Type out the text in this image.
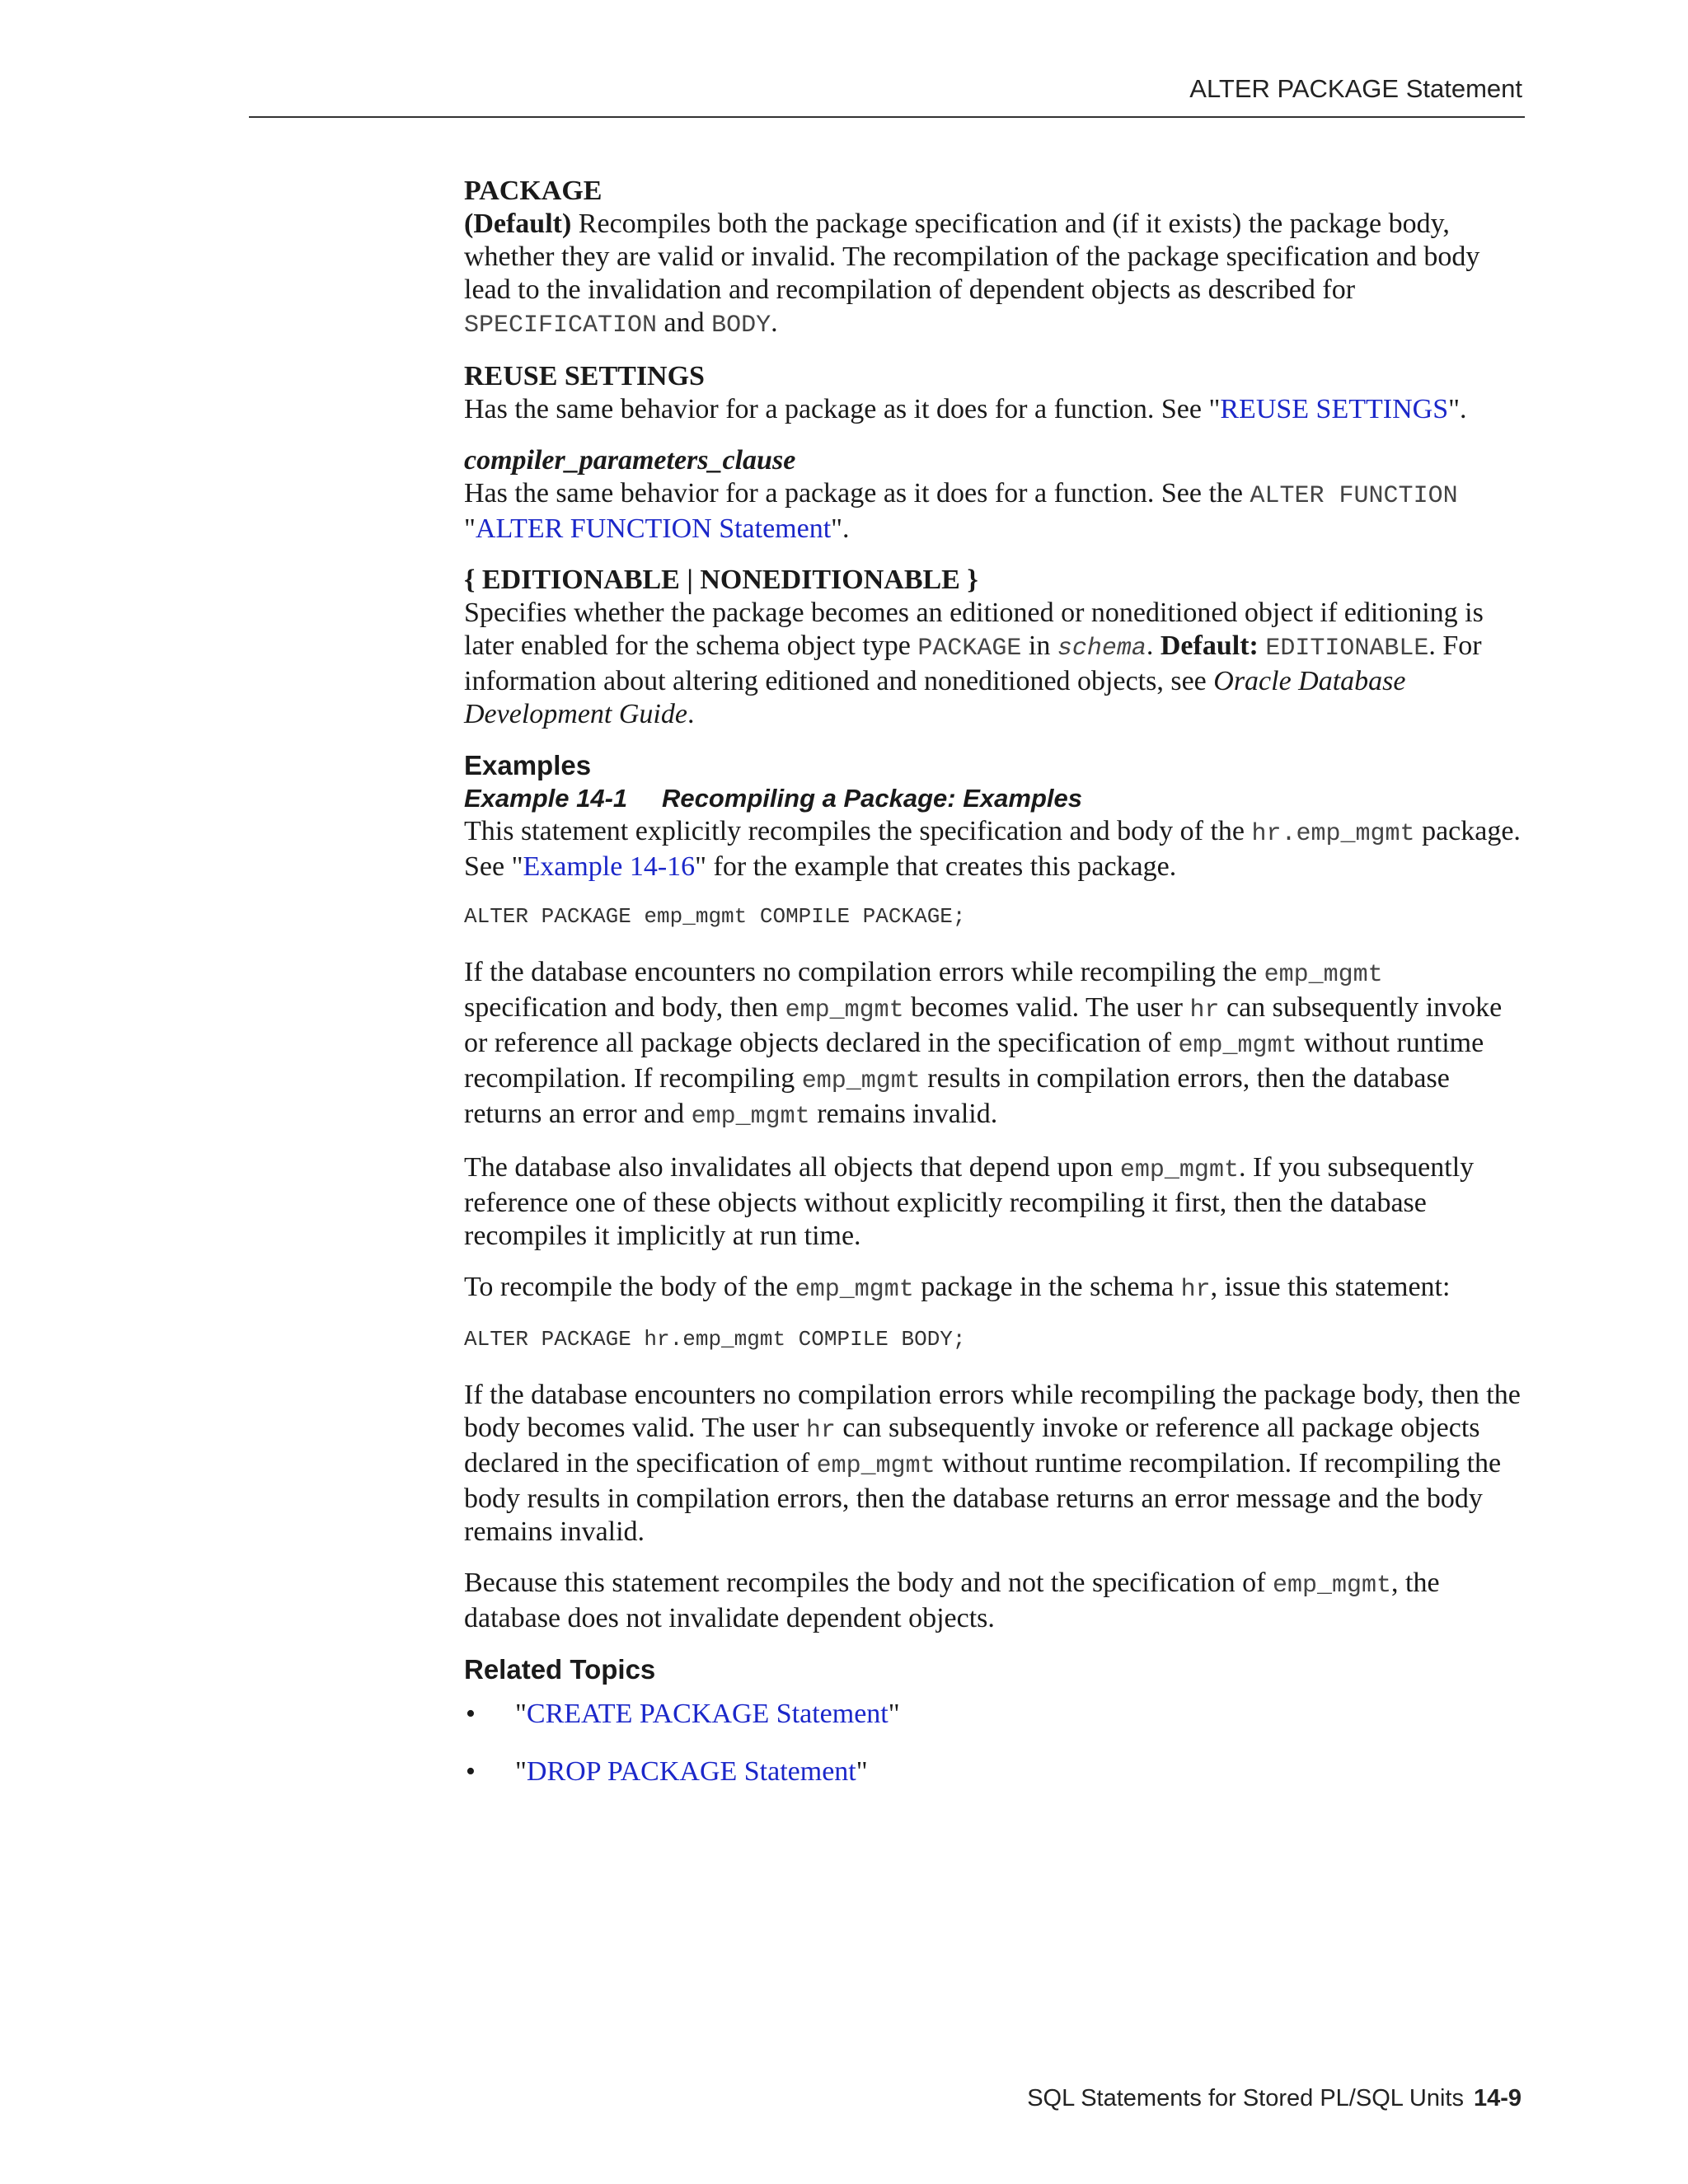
ALTER PACKAGE Statement

PACKAGE

(Default) Recompiles both the package specification and (if it exists) the package body, whether they are valid or invalid. The recompilation of the package specification and body lead to the invalidation and recompilation of dependent objects as described for SPECIFICATION and BODY.

REUSE SETTINGS

Has the same behavior for a package as it does for a function. See "REUSE SETTINGS".

compiler_parameters_clause

Has the same behavior for a package as it does for a function. See the ALTER FUNCTION "ALTER FUNCTION Statement".

{ EDITIONABLE | NONEDITIONABLE }

Specifies whether the package becomes an editioned or noneditioned object if editioning is later enabled for the schema object type PACKAGE in schema. Default: EDITIONABLE. For information about altering editioned and noneditioned objects, see Oracle Database Development Guide.

Examples

Example 14-1 Recompiling a Package: Examples

This statement explicitly recompiles the specification and body of the hr.emp_mgmt package. See "Example 14-16" for the example that creates this package.

ALTER PACKAGE emp_mgmt COMPILE PACKAGE;

If the database encounters no compilation errors while recompiling the emp_mgmt specification and body, then emp_mgmt becomes valid. The user hr can subsequently invoke or reference all package objects declared in the specification of emp_mgmt without runtime recompilation. If recompiling emp_mgmt results in compilation errors, then the database returns an error and emp_mgmt remains invalid.

The database also invalidates all objects that depend upon emp_mgmt. If you subsequently reference one of these objects without explicitly recompiling it first, then the database recompiles it implicitly at run time.

To recompile the body of the emp_mgmt package in the schema hr, issue this statement:

ALTER PACKAGE hr.emp_mgmt COMPILE BODY;

If the database encounters no compilation errors while recompiling the package body, then the body becomes valid. The user hr can subsequently invoke or reference all package objects declared in the specification of emp_mgmt without runtime recompilation. If recompiling the body results in compilation errors, then the database returns an error message and the body remains invalid.

Because this statement recompiles the body and not the specification of emp_mgmt, the database does not invalidate dependent objects.

Related Topics

• "CREATE PACKAGE Statement"
• "DROP PACKAGE Statement"
SQL Statements for Stored PL/SQL Units 14-9
